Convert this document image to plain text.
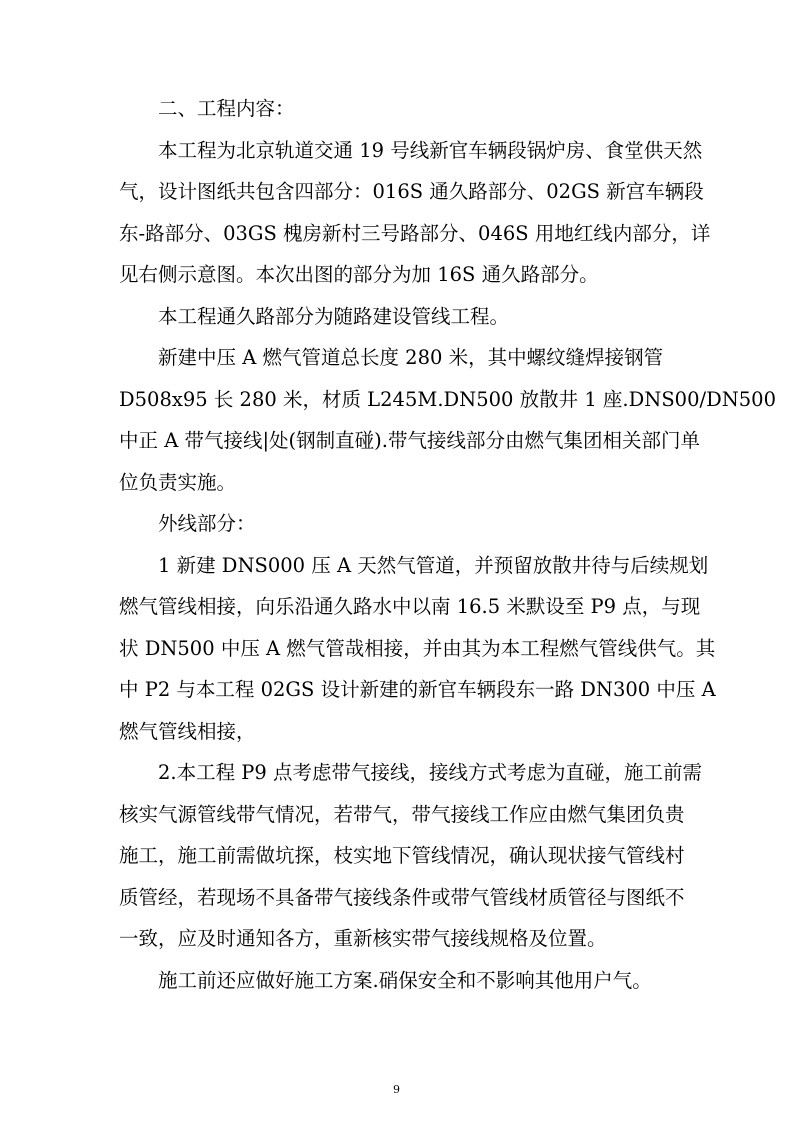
二、工程内容：
本工程为北京轨道交通 19 号线新官车辆段锅炉房、食堂供天然
气，设计图纸共包含四部分：016S 通久路部分、02GS 新宫车辆段
东-路部分、03GS 槐房新村三号路部分、046S 用地红线内部分，详
见右侧示意图。本次出图的部分为加 16S 通久路部分。
本工程通久路部分为随路建设管线工程。
新建中压 A 燃气管道总长度 280 米，其中螺纹缝焊接钢管
D508x95 长 280 米，材质 L245M.DN500 放散井 1 座.DNS00/DN500
中正 A 带气接线|处(钢制直碰).带气接线部分由燃气集团相关部门单
位负责实施。
外线部分：
1 新建 DNS000 压 A 天然气管道，并预留放散井待与后续规划
燃气管线相接，向乐沿通久路水中以南 16.5 米默设至 P9 点，与现
状 DN500 中压 A 燃气管哉相接，并由其为本工程燃气管线供气。其
中 P2 与本工程 02GS 设计新建的新官车辆段东一路 DN300 中压 A
燃气管线相接，
2.本工程 P9 点考虑带气接线，接线方式考虑为直碰，施工前需
核实气源管线带气情况，若带气，带气接线工作应由燃气集团负贵
施工，施工前需做坑探，枝实地下管线情况，确认现状接气管线村
质管经，若现场不具备带气接线条件或带气管线材质管径与图纸不
一致，应及时通知各方，重新核实带气接线规格及位置。
施工前还应做好施工方案.硝保安全和不影响其他用户气。
9
